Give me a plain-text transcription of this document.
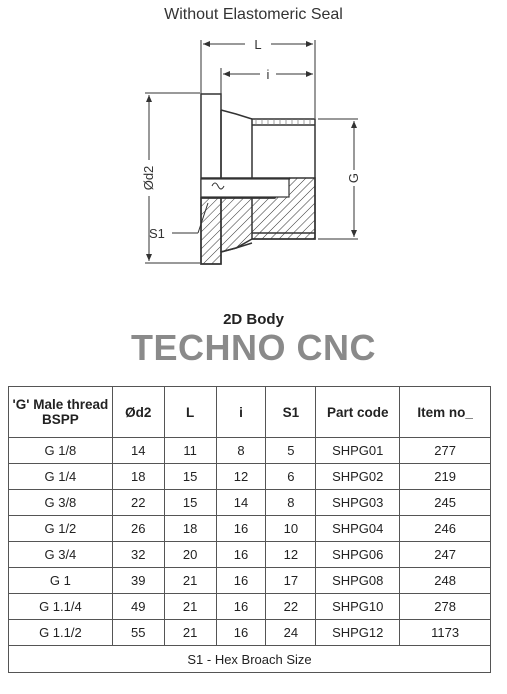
Without Elastomeric Seal
L
i
Ød2	G
S1
2D Body
TECHNO CNC
'G' Male thread BSPP	Ød2	L	i	S1	Part code	Item no_
G 1/8	14	11	8	5	SHPG01	277
G 1/4	18	15	12	6	SHPG02	219
G 3/8	22	15	14	8	SHPG03	245
G 1/2	26	18	16	10	SHPG04	246
G 3/4	32	20	16	12	SHPG06	247
G 1	39	21	16	17	SHPG08	248
G 1.1/4	49	21	16	22	SHPG10	278
G 1.1/2	55	21	16	24	SHPG12	1173
S1 - Hex Broach Size						
